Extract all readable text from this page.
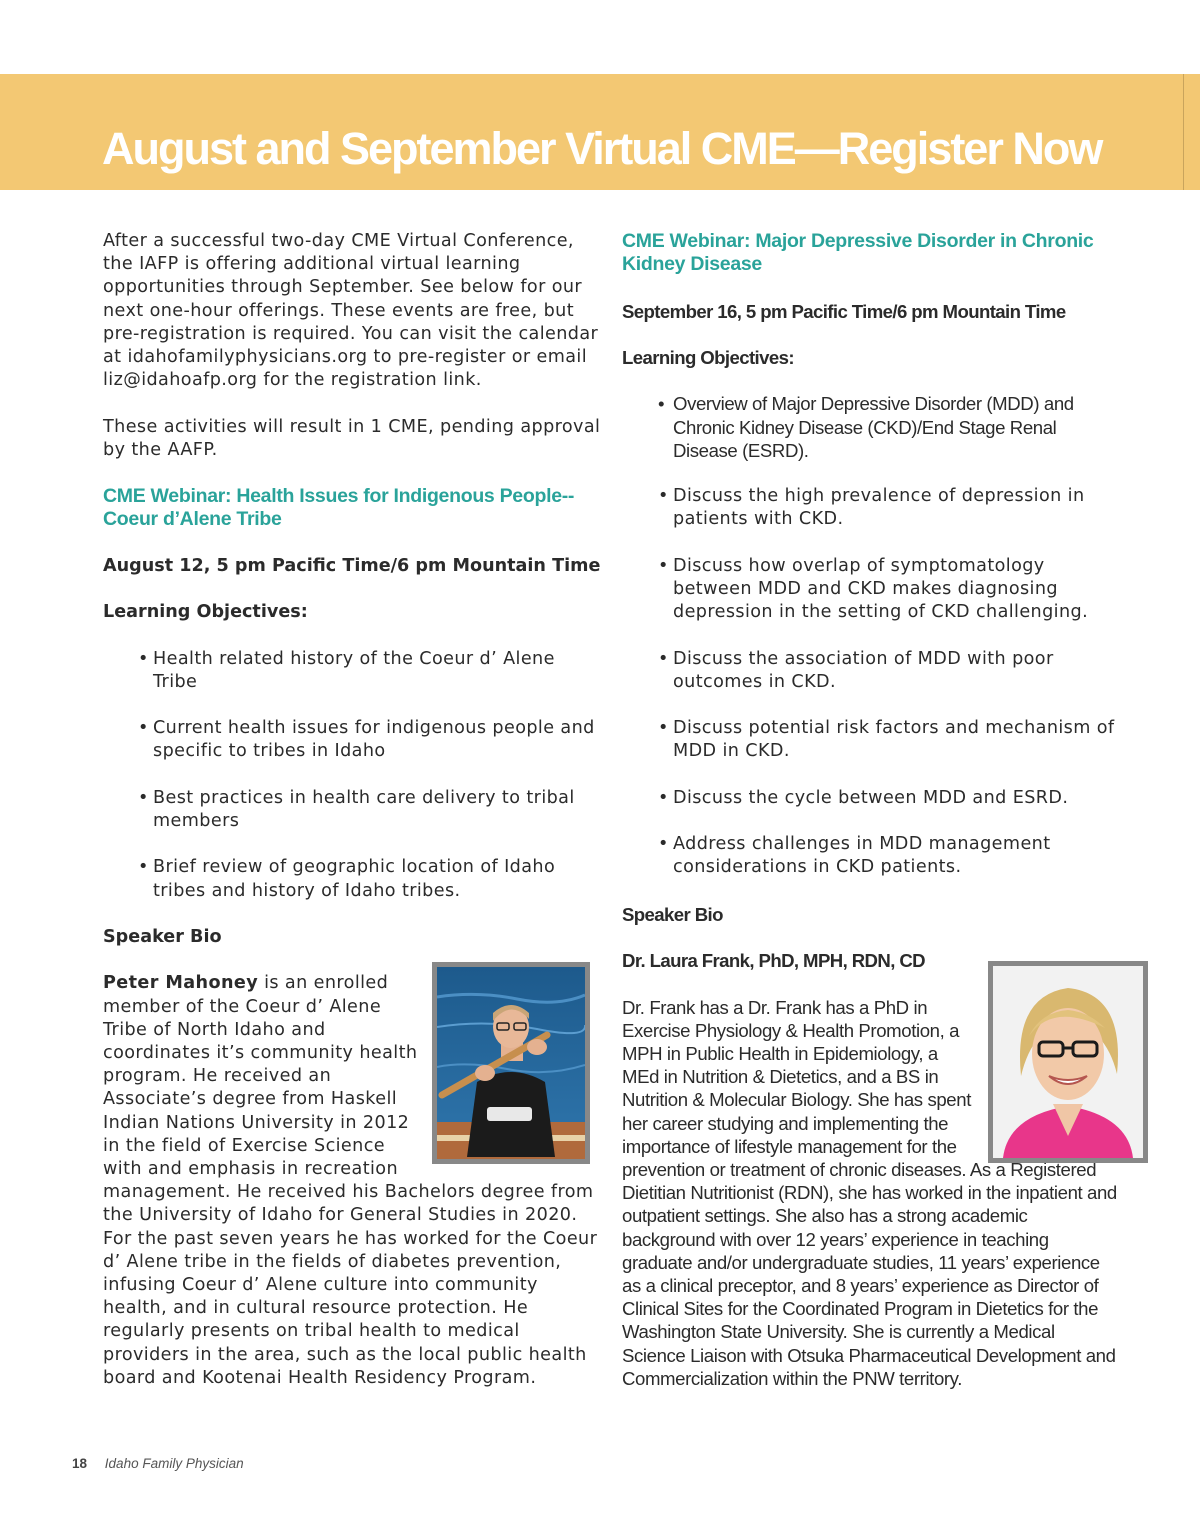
August and September Virtual CME—Register Now

After a successful two-day CME Virtual Conference, the IAFP is offering additional virtual learning opportunities through September. See below for our next one-hour offerings. These events are free, but pre-registration is required. You can visit the calendar at idahofamilyphysicians.org to pre-register or email liz@idahoafp.org for the registration link.

These activities will result in 1 CME, pending approval by the AAFP.

CME Webinar: Health Issues for Indigenous People--
Coeur d’Alene Tribe

August 12, 5 pm Pacific Time/6 pm Mountain Time

Learning Objectives:

• Health related history of the Coeur d’ Alene Tribe
• Current health issues for indigenous people and specific to tribes in Idaho
• Best practices in health care delivery to tribal members
• Brief review of geographic location of Idaho tribes and history of Idaho tribes.

Speaker Bio

Peter Mahoney is an enrolled member of the Coeur d’ Alene Tribe of North Idaho and coordinates it’s community health program. He received an Associate’s degree from Haskell Indian Nations University in 2012 in the field of Exercise Science with and emphasis in recreation management. He received his Bachelors degree from the University of Idaho for General Studies in 2020. For the past seven years he has worked for the Coeur d’ Alene tribe in the fields of diabetes prevention, infusing Coeur d’ Alene culture into community health, and in cultural resource protection. He regularly presents on tribal health to medical providers in the area, such as the local public health board and Kootenai Health Residency Program.

CME Webinar: Major Depressive Disorder in Chronic
Kidney Disease

September 16, 5 pm Pacific Time/6 pm Mountain Time

Learning Objectives:

• Overview of Major Depressive Disorder (MDD) and Chronic Kidney Disease (CKD)/End Stage Renal Disease (ESRD).
• Discuss the high prevalence of depression in patients with CKD.
• Discuss how overlap of symptomatology between MDD and CKD makes diagnosing depression in the setting of CKD challenging.
• Discuss the association of MDD with poor outcomes in CKD.
• Discuss potential risk factors and mechanism of MDD in CKD.
• Discuss the cycle between MDD and ESRD.
• Address challenges in MDD management considerations in CKD patients.

Speaker Bio

Dr. Laura Frank, PhD, MPH, RDN, CD

Dr. Frank has a Dr. Frank has a PhD in Exercise Physiology & Health Promotion, a MPH in Public Health in Epidemiology, a MEd in Nutrition & Dietetics, and a BS in Nutrition & Molecular Biology. She has spent her career studying and implementing the importance of lifestyle management for the prevention or treatment of chronic diseases. As a Registered Dietitian Nutritionist (RDN), she has worked in the inpatient and outpatient settings. She also has a strong academic background with over 12 years’ experience in teaching graduate and/or undergraduate studies, 11 years’ experience as a clinical preceptor, and 8 years’ experience as Director of Clinical Sites for the Coordinated Program in Dietetics for the Washington State University. She is currently a Medical Science Liaison with Otsuka Pharmaceutical Development and Commercialization within the PNW territory.

18 Idaho Family Physician
